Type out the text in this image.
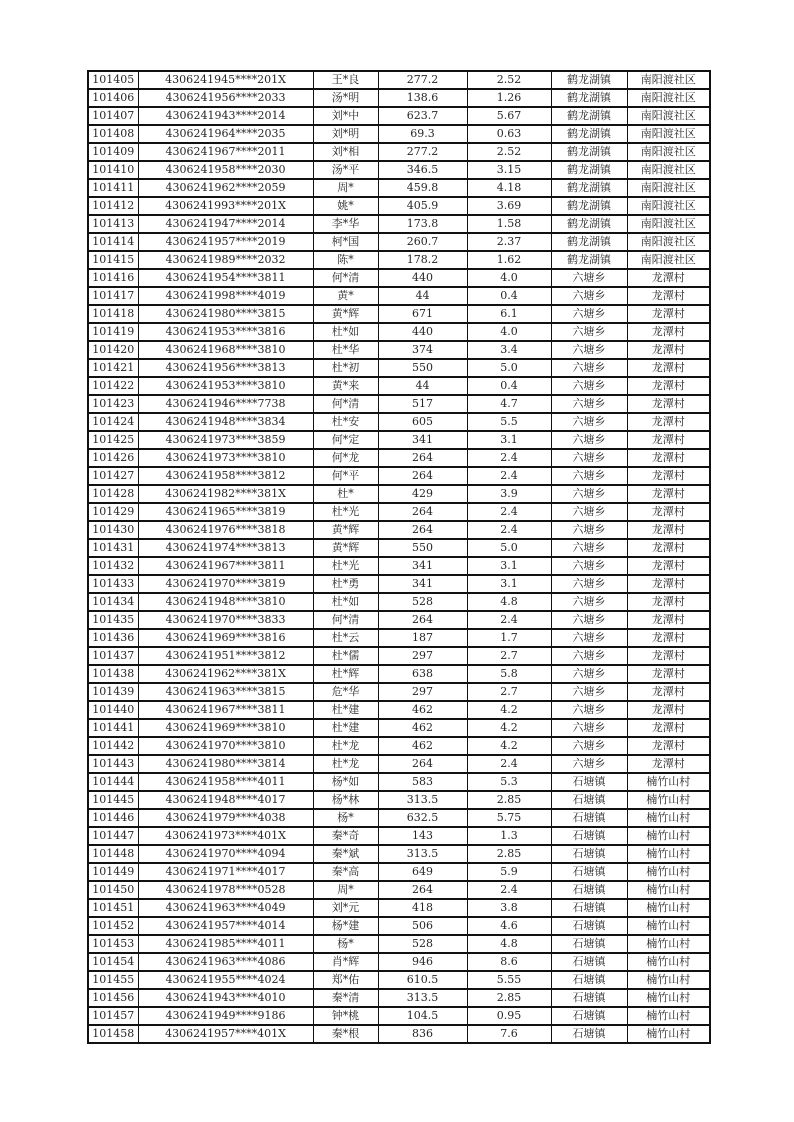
101405	4306241945****201X	王*良	277.2	2.52	鹤龙湖镇	南阳渡社区
101406	4306241956****2033	汤*明	138.6	1.26	鹤龙湖镇	南阳渡社区
101407	4306241943****2014	刘*中	623.7	5.67	鹤龙湖镇	南阳渡社区
101408	4306241964****2035	刘*明	69.3	0.63	鹤龙湖镇	南阳渡社区
101409	4306241967****2011	刘*相	277.2	2.52	鹤龙湖镇	南阳渡社区
101410	4306241958****2030	汤*平	346.5	3.15	鹤龙湖镇	南阳渡社区
101411	4306241962****2059	周*	459.8	4.18	鹤龙湖镇	南阳渡社区
101412	4306241993****201X	姚*	405.9	3.69	鹤龙湖镇	南阳渡社区
101413	4306241947****2014	李*华	173.8	1.58	鹤龙湖镇	南阳渡社区
101414	4306241957****2019	柯*国	260.7	2.37	鹤龙湖镇	南阳渡社区
101415	4306241989****2032	陈*	178.2	1.62	鹤龙湖镇	南阳渡社区
101416	4306241954****3811	何*清	440	4.0	六塘乡	龙潭村
101417	4306241998****4019	黄*	44	0.4	六塘乡	龙潭村
101418	4306241980****3815	黄*辉	671	6.1	六塘乡	龙潭村
101419	4306241953****3816	杜*如	440	4.0	六塘乡	龙潭村
101420	4306241968****3810	杜*华	374	3.4	六塘乡	龙潭村
101421	4306241956****3813	杜*初	550	5.0	六塘乡	龙潭村
101422	4306241953****3810	黄*来	44	0.4	六塘乡	龙潭村
101423	4306241946****7738	何*清	517	4.7	六塘乡	龙潭村
101424	4306241948****3834	杜*安	605	5.5	六塘乡	龙潭村
101425	4306241973****3859	何*定	341	3.1	六塘乡	龙潭村
101426	4306241973****3810	何*龙	264	2.4	六塘乡	龙潭村
101427	4306241958****3812	何*平	264	2.4	六塘乡	龙潭村
101428	4306241982****381X	杜*	429	3.9	六塘乡	龙潭村
101429	4306241965****3819	杜*光	264	2.4	六塘乡	龙潭村
101430	4306241976****3818	黄*辉	264	2.4	六塘乡	龙潭村
101431	4306241974****3813	黄*辉	550	5.0	六塘乡	龙潭村
101432	4306241967****3811	杜*光	341	3.1	六塘乡	龙潭村
101433	4306241970****3819	杜*勇	341	3.1	六塘乡	龙潭村
101434	4306241948****3810	杜*如	528	4.8	六塘乡	龙潭村
101435	4306241970****3833	何*清	264	2.4	六塘乡	龙潭村
101436	4306241969****3816	杜*云	187	1.7	六塘乡	龙潭村
101437	4306241951****3812	杜*儒	297	2.7	六塘乡	龙潭村
101438	4306241962****381X	杜*辉	638	5.8	六塘乡	龙潭村
101439	4306241963****3815	危*华	297	2.7	六塘乡	龙潭村
101440	4306241967****3811	杜*建	462	4.2	六塘乡	龙潭村
101441	4306241969****3810	杜*建	462	4.2	六塘乡	龙潭村
101442	4306241970****3810	杜*龙	462	4.2	六塘乡	龙潭村
101443	4306241980****3814	杜*龙	264	2.4	六塘乡	龙潭村
101444	4306241958****4011	杨*如	583	5.3	石塘镇	楠竹山村
101445	4306241948****4017	杨*林	313.5	2.85	石塘镇	楠竹山村
101446	4306241979****4038	杨*	632.5	5.75	石塘镇	楠竹山村
101447	4306241973****401X	秦*奇	143	1.3	石塘镇	楠竹山村
101448	4306241970****4094	秦*斌	313.5	2.85	石塘镇	楠竹山村
101449	4306241971****4017	秦*高	649	5.9	石塘镇	楠竹山村
101450	4306241978****0528	周*	264	2.4	石塘镇	楠竹山村
101451	4306241963****4049	刘*元	418	3.8	石塘镇	楠竹山村
101452	4306241957****4014	杨*建	506	4.6	石塘镇	楠竹山村
101453	4306241985****4011	杨*	528	4.8	石塘镇	楠竹山村
101454	4306241963****4086	肖*辉	946	8.6	石塘镇	楠竹山村
101455	4306241955****4024	郑*佑	610.5	5.55	石塘镇	楠竹山村
101456	4306241943****4010	秦*清	313.5	2.85	石塘镇	楠竹山村
101457	4306241949****9186	钟*桃	104.5	0.95	石塘镇	楠竹山村
101458	4306241957****401X	秦*根	836	7.6	石塘镇	楠竹山村
